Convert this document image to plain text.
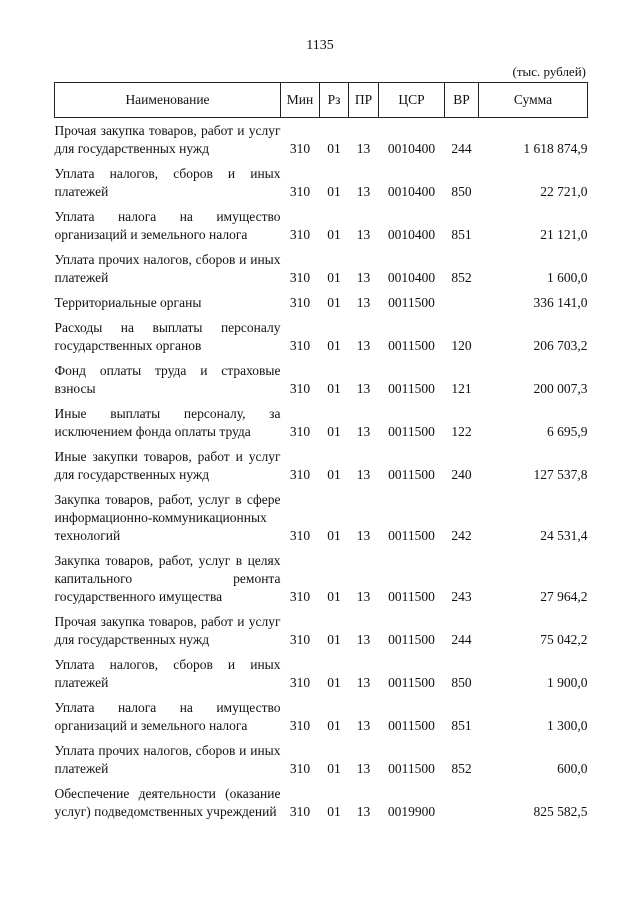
1135
(тыс. рублей)
Наименование	Мин	Рз	ПР	ЦСР	ВР	Сумма
Прочая закупка товаров, работ и услуг для государственных нужд	310	01	13	0010400	244	1 618 874,9
Уплата налогов, сборов и иных платежей	310	01	13	0010400	850	22 721,0
Уплата налога на имущество организаций и земельного налога	310	01	13	0010400	851	21 121,0
Уплата прочих налогов, сборов и иных платежей	310	01	13	0010400	852	1 600,0
Территориальные органы	310	01	13	0011500		336 141,0
Расходы на выплаты персоналу государственных органов	310	01	13	0011500	120	206 703,2
Фонд оплаты труда и страховые взносы	310	01	13	0011500	121	200 007,3
Иные выплаты персоналу, за исключением фонда оплаты труда	310	01	13	0011500	122	6 695,9
Иные закупки товаров, работ и услуг для государственных нужд	310	01	13	0011500	240	127 537,8
Закупка товаров, работ, услуг в сфере информационно-коммуникационных технологий	310	01	13	0011500	242	24 531,4
Закупка товаров, работ, услуг в целях капитального ремонта государственного имущества	310	01	13	0011500	243	27 964,2
Прочая закупка товаров, работ и услуг для государственных нужд	310	01	13	0011500	244	75 042,2
Уплата налогов, сборов и иных платежей	310	01	13	0011500	850	1 900,0
Уплата налога на имущество организаций и земельного налога	310	01	13	0011500	851	1 300,0
Уплата прочих налогов, сборов и иных платежей	310	01	13	0011500	852	600,0
Обеспечение деятельности (оказание услуг) подведомственных учреждений	310	01	13	0019900		825 582,5
